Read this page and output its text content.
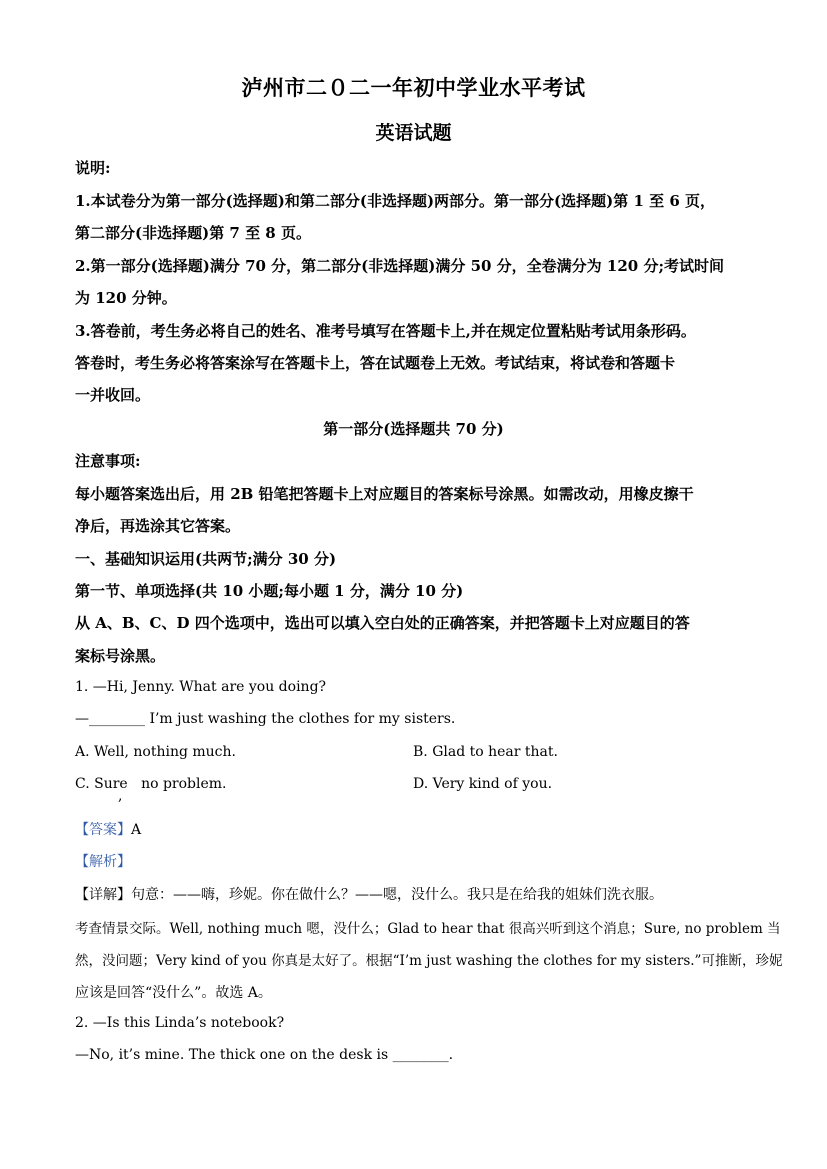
泸州市二０二一年初中学业水平考试
英语试题
说明:
1.本试卷分为第一部分(选择题)和第二部分(非选择题)两部分。第一部分(选择题)第 1 至 6 页，
第二部分(非选择题)第 7 至 8 页。
2.第一部分(选择题)满分 70 分，第二部分(非选择题)满分 50 分，全卷满分为 120 分;考试时间
为 120 分钟。
3.答卷前，考生务必将自己的姓名、准考号填写在答题卡上,并在规定位置粘贴考试用条形码。
答卷时，考生务必将答案涂写在答题卡上，答在试题卷上无效。考试结束，将试卷和答题卡
一并收回。
第一部分(选择题共 70 分)
注意事项:
每小题答案选出后，用 2B 铅笔把答题卡上对应题目的答案标号涂黑。如需改动，用橡皮擦干
净后，再选涂其它答案。
一、基础知识运用(共两节;满分 30 分)
第一节、单项选择(共 10 小题;每小题 1 分，满分 10 分)
从 A、B、C、D 四个选项中，选出可以填入空白处的正确答案，并把答题卡上对应题目的答
案标号涂黑。
1. —Hi, Jenny. What are you doing?
—________ I’m just washing the clothes for my sisters.
A. Well, nothing much.	B. Glad to hear that.
C. Sure no problem.
,
D. Very kind of you.
【答案】A
【解析】
【详解】句意：——嗨，珍妮。你在做什么？——嗯，没什么。我只是在给我的姐妹们洗衣服。
考查情景交际。Well, nothing much 嗯，没什么；Glad to hear that 很高兴听到这个消息；Sure, no problem 当
然，没问题；Very kind of you 你真是太好了。根据“I’m just washing the clothes for my sisters.”可推断，珍妮
应该是回答“没什么”。故选 A。
2. —Is this Linda’s notebook?
—No, it’s mine. The thick one on the desk is ________.
